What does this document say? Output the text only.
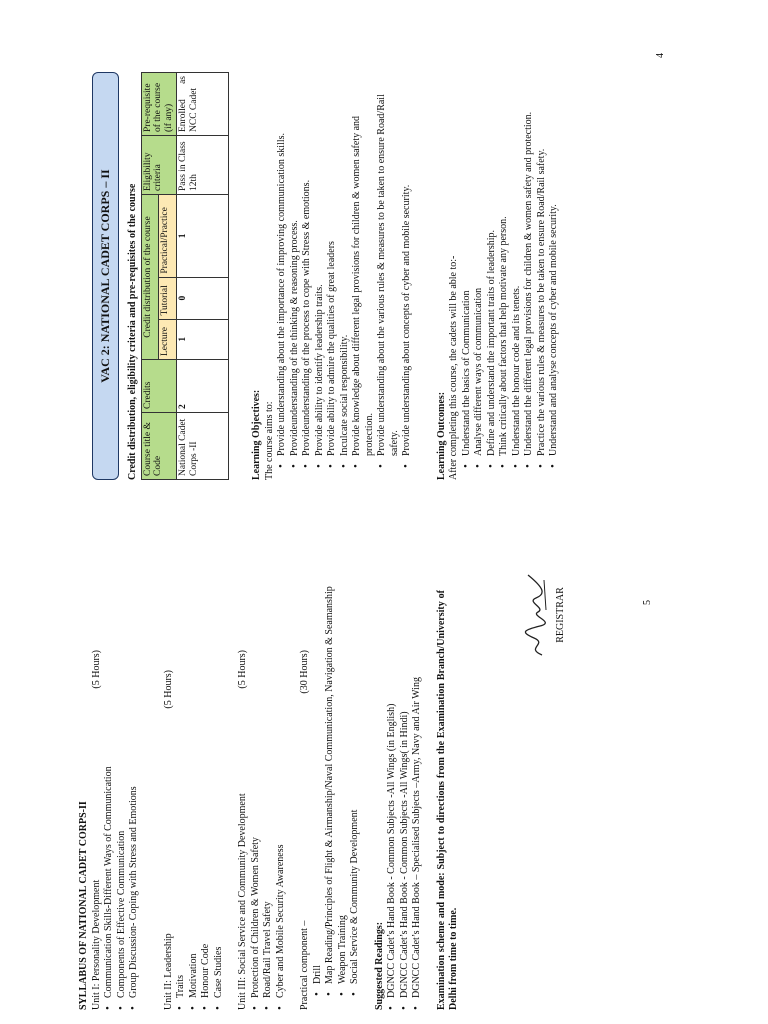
SYLLABUS OF NATIONAL CADET CORPS-II Unit I: Personality Development
(5 Hours)
• Communication Skills-Different Ways of Communication • Components of Effective Communication • Group Discussion- Coping with Stress and Emotions Unit II: Leadership
(5 Hours)
• Traits • Motivation • Honour Code • Case Studies Unit III: Social Service and Community Development
(5 Hours)
• Protection of Children & Women Safety • Road/Rail Travel Safety • Cyber and Mobile Security Awareness Practical component –
(30 Hours)
• Drill • Map Reading/Principles of Flight & Airmanship/Naval Communication, Navigation & Seamanship • Weapon Training • Social Service & Community Development Suggested Readings: • DGNCC Cadet’s Hand Book - Common Subjects -All Wings (in English) • DGNCC Cadet’s Hand Book - Common Subjects -All Wings( in Hindi) • DGNCC Cadet’s Hand Book – Specialised Subjects –Army, Navy and Air Wing Examination scheme and mode: Subject to directions from the Examination Branch/University of Delhi from time to time.
REGISTRAR	5
VAC 2: NATIONAL CADET CORPS – II	Credit distribution, eligibility criteria and pre-requisites of the course Course title & Code	Credits	Credit distribution of the course			Eligibility criteria	Pre-requisite of the course (if any)
		Lecture	Tutorial	Practical/Practice		
National Cadet Corps -II	2	1	0	1	Pass in Class 12th	Enrolled as NCC Cadet
Learning Objectives: The course aims to: • Provide understanding about the importance of improving communication skills. • Provideunderstanding of the thinking & reasoning process. • Provideunderstanding of the process to cope with Stress & emotions. • Provide ability to identify leadership traits. • Provide ability to admire the qualities of great leaders • Inculcate social responsibility. • Provide knowledge about different legal provisions for children & women safety and protection. • Provide understanding about the various rules & measures to be taken to ensure Road/Rail safety. • Provide understanding about concepts of cyber and mobile security. Learning Outcomes: After completing this course, the cadets will be able to:- • Understand the basics of Communication • Analyse different ways of communication • Define and understand the important traits of leadership. • Think critically about factors that help motivate any person. • Understand the honour code and its tenets. • Understand the different legal provisions for children & women safety and protection. • Practice the various rules & measures to be taken to ensure Road/Rail safety. • Understand and analyse concepts of cyber and mobile security.
4
